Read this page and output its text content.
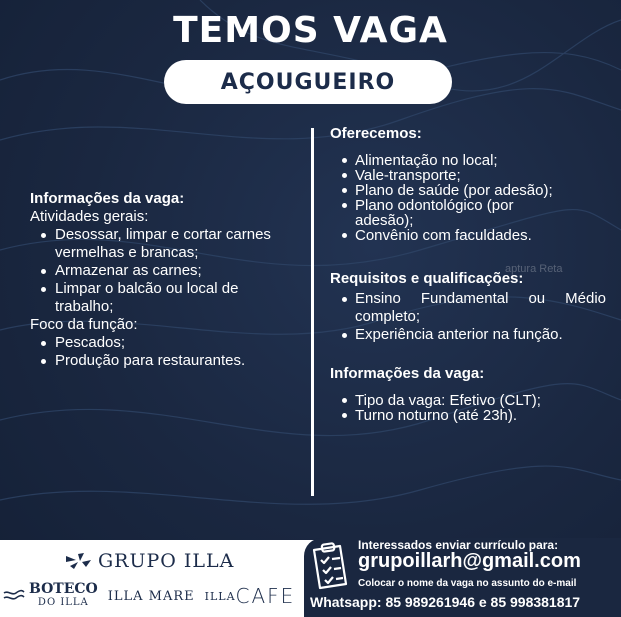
TEMOS VAGA
AÇOUGUEIRO
Informações da vaga:
Atividades gerais:
Desossar, limpar e cortar carnes vermelhas e brancas;
Armazenar as carnes;
Limpar o balcão ou local de trabalho;
Foco da função:
Pescados;
Produção para restaurantes.
Oferecemos:
Alimentação no local;
Vale-transporte;
Plano de saúde (por adesão);
Plano odontológico (por adesão);
Convênio com faculdades.
Requisitos e qualificações:
Ensino Fundamental ou Médio completo;
Experiência anterior na função.
Informações da vaga:
Tipo da vaga: Efetivo (CLT);
Turno noturno (até 23h).
aptura Reta
GRUPO ILLA
BOTECO
DO ILLA	ILLA MARE ILLA CAFE
Interessados enviar currículo para:
grupoillarh@gmail.com
Colocar o nome da vaga no assunto do e-mail
Whatsapp: 85 989261946 e 85 998381817
